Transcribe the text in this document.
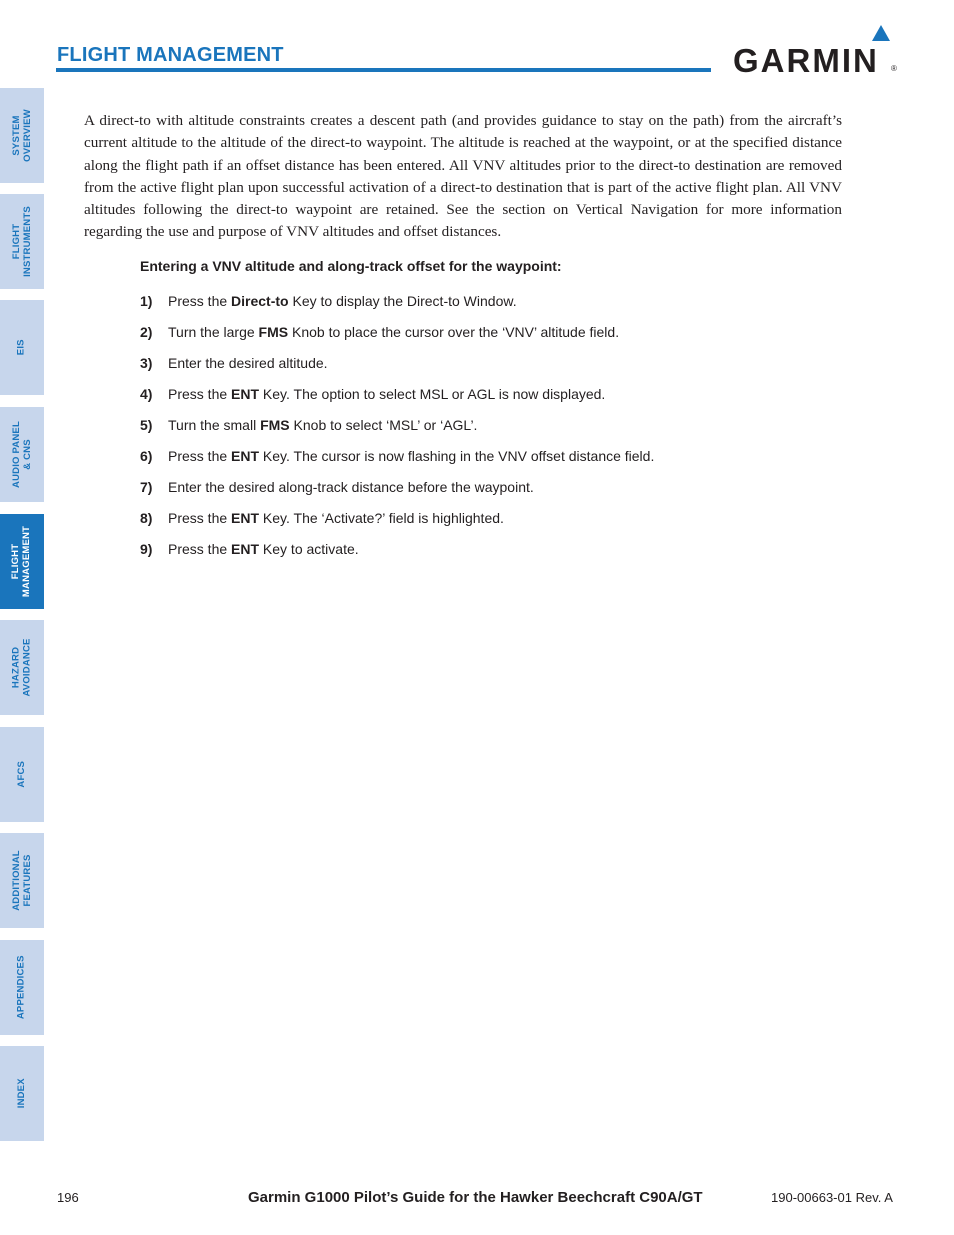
FLIGHT MANAGEMENT	GARMIN ®
SYSTEM OVERVIEW
FLIGHT INSTRUMENTS
EIS
AUDIO PANEL & CNS
FLIGHT MANAGEMENT
HAZARD AVOIDANCE
AFCS
ADDITIONAL FEATURES
APPENDICES
INDEX

A direct-to with altitude constraints creates a descent path (and provides guidance to stay on the path) from the aircraft’s current altitude to the altitude of the direct-to waypoint. The altitude is reached at the waypoint, or at the specified distance along the flight path if an offset distance has been entered. All VNV altitudes prior to the direct-to destination are removed from the active flight plan upon successful activation of a direct-to destination that is part of the active flight plan. All VNV altitudes following the direct-to waypoint are retained. See the section on Vertical Navigation for more information regarding the use and purpose of VNV altitudes and offset distances.

Entering a VNV altitude and along-track offset for the waypoint:
1) Press the Direct-to Key to display the Direct-to Window.
2) Turn the large FMS Knob to place the cursor over the ‘VNV’ altitude field.
3) Enter the desired altitude.
4) Press the ENT Key. The option to select MSL or AGL is now displayed.
5) Turn the small FMS Knob to select ‘MSL’ or ‘AGL’.
6) Press the ENT Key. The cursor is now flashing in the VNV offset distance field.
7) Enter the desired along-track distance before the waypoint.
8) Press the ENT Key. The ‘Activate?’ field is highlighted.
9) Press the ENT Key to activate.
196	Garmin G1000 Pilot’s Guide for the Hawker Beechcraft C90A/GT	190-00663-01 Rev. A
